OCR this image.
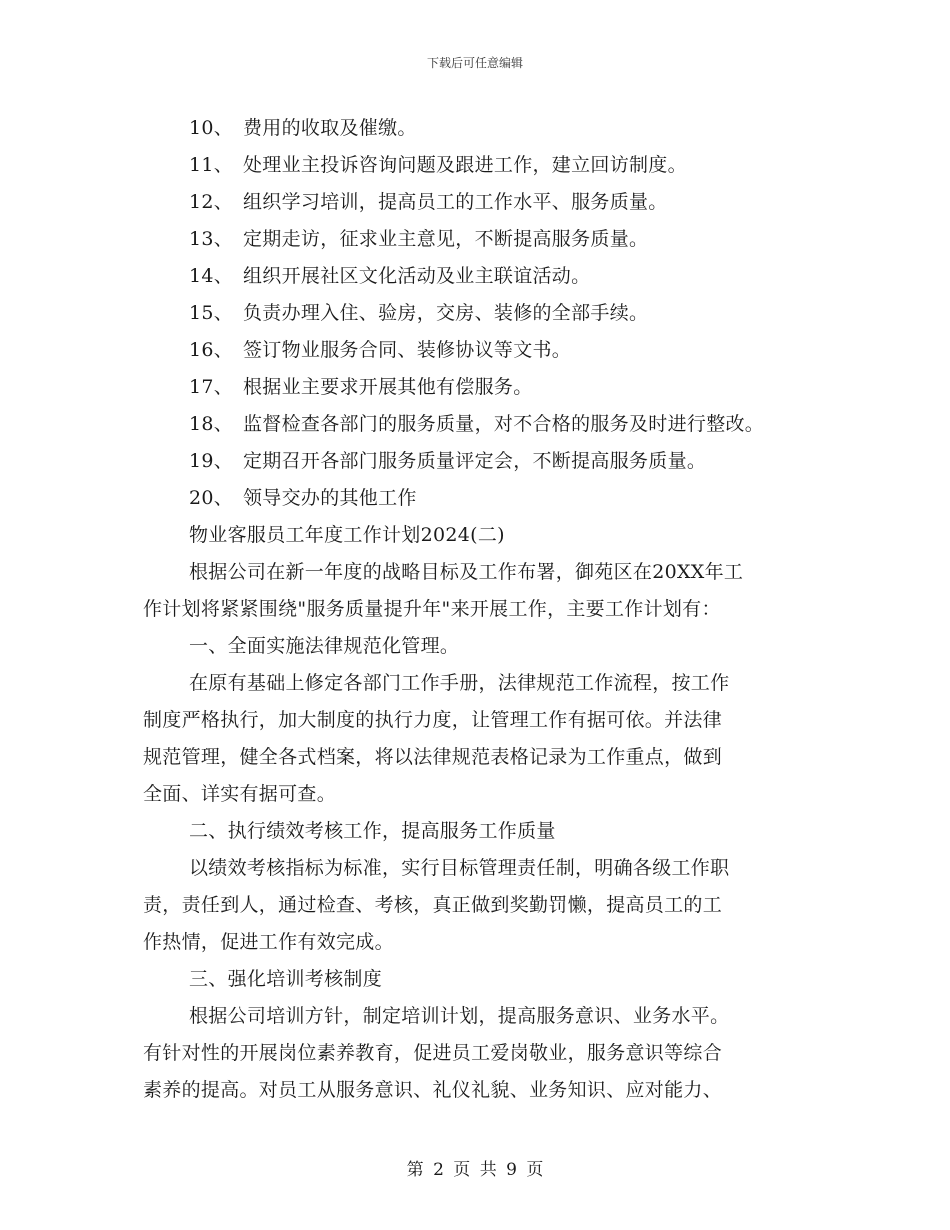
下载后可任意编辑
10、 费用的收取及催缴。
11、 处理业主投诉咨询问题及跟进工作，建立回访制度。
12、 组织学习培训，提高员工的工作水平、服务质量。
13、 定期走访，征求业主意见，不断提高服务质量。
14、 组织开展社区文化活动及业主联谊活动。
15、 负责办理入住、验房，交房、装修的全部手续。
16、 签订物业服务合同、装修协议等文书。
17、 根据业主要求开展其他有偿服务。
18、 监督检查各部门的服务质量，对不合格的服务及时进行整改。
19、 定期召开各部门服务质量评定会，不断提高服务质量。
20、 领导交办的其他工作
物业客服员工年度工作计划2024(二)
根据公司在新一年度的战略目标及工作布署，御苑区在20XX年工
作计划将紧紧围绕"服务质量提升年"来开展工作，主要工作计划有：
一、全面实施法律规范化管理。
在原有基础上修定各部门工作手册，法律规范工作流程，按工作
制度严格执行，加大制度的执行力度，让管理工作有据可依。并法律
规范管理，健全各式档案，将以法律规范表格记录为工作重点，做到
全面、详实有据可查。
二、执行绩效考核工作，提高服务工作质量
以绩效考核指标为标准，实行目标管理责任制，明确各级工作职
责，责任到人，通过检查、考核，真正做到奖勤罚懒，提高员工的工
作热情，促进工作有效完成。
三、强化培训考核制度
根据公司培训方针，制定培训计划，提高服务意识、业务水平。
有针对性的开展岗位素养教育，促进员工爱岗敬业，服务意识等综合
素养的提高。对员工从服务意识、礼仪礼貌、业务知识、应对能力、
第 2 页 共 9 页
